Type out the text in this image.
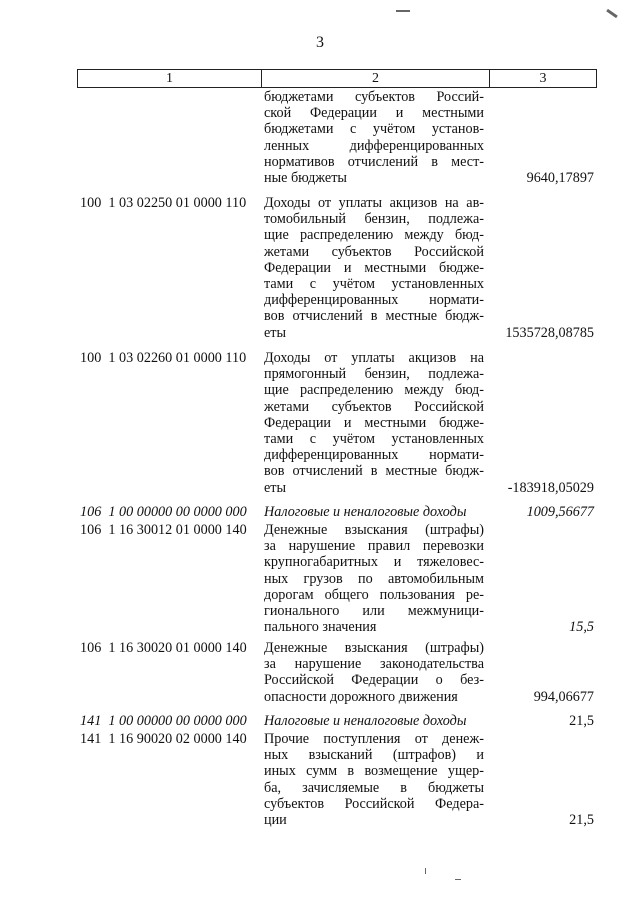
3
1	2	3
бюджетами субъектов Россий-
ской Федерации и местными
бюджетами с учётом установ-
ленных дифференцированных
нормативов отчислений в мест-
ные бюджеты	9640,17897
100  1 03 02250 01 0000 110 Доходы от уплаты акцизов на ав-
томобильный бензин, подлежа-
щие распределению между бюд-
жетами субъектов Российской
Федерации и местными бюдже-
тами с учётом установленных
дифференцированных нормати-
вов отчислений в местные бюдж-
еты	1535728,08785
100  1 03 02260 01 0000 110 Доходы от уплаты акцизов на
прямогонный бензин, подлежа-
щие распределению между бюд-
жетами субъектов Российской
Федерации и местными бюдже-
тами с учётом установленных
дифференцированных нормати-
вов отчислений в местные бюдж-
еты	-183918,05029
106  1 00 00000 00 0000 000 Налоговые и неналоговые доходы	1009,56677
106  1 16 30012 01 0000 140 Денежные взыскания (штрафы)
за нарушение правил перевозки
крупногабаритных и тяжеловес-
ных грузов по автомобильным
дорогам общего пользования ре-
гионального или межмуници-
пального значения	15,5
106  1 16 30020 01 0000 140 Денежные взыскания (штрафы)
за нарушение законодательства
Российской Федерации о без-
опасности дорожного движения	994,06677
141  1 00 00000 00 0000 000 Налоговые и неналоговые доходы	21,5
141  1 16 90020 02 0000 140 Прочие поступления от денеж-
ных взысканий (штрафов) и
иных сумм в возмещение ущер-
ба, зачисляемые в бюджеты
субъектов Российской Федера-
ции	21,5
